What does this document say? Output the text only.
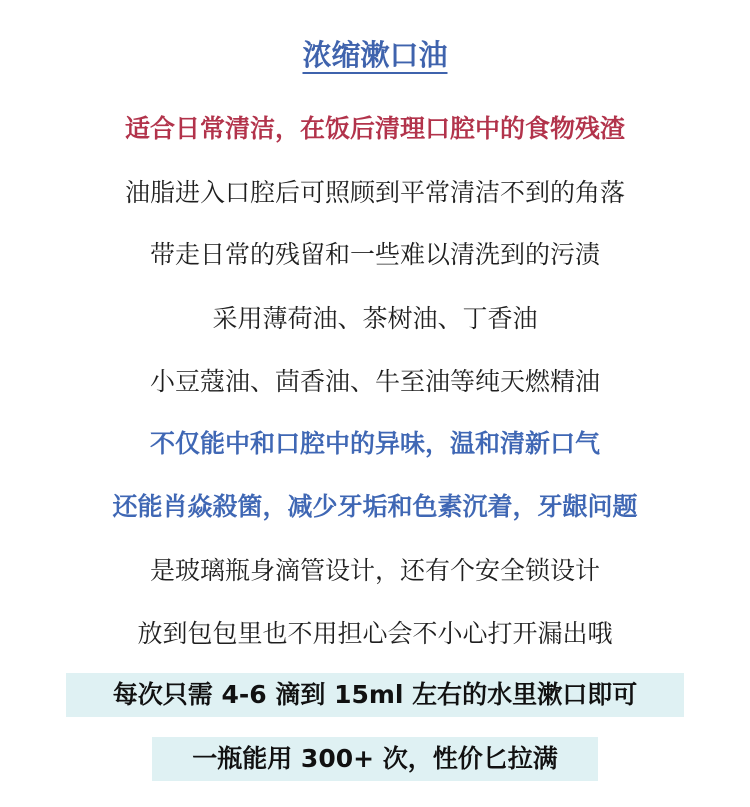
浓缩漱口油
适合日常清洁，在饭后清理口腔中的食物残渣
油脂进入口腔后可照顾到平常清洁不到的角落
带走日常的残留和一些难以清洗到的污渍
采用薄荷油、茶树油、丁香油
小豆蔻油、茴香油、牛至油等纯天燃精油
不仅能中和口腔中的异味，温和清新口气
还能肖焱殺箘，减少牙垢和色素沉着，牙龈问题
是玻璃瓶身滴管设计，还有个安全锁设计
放到包包里也不用担心会不小心打开漏出哦
每次只需 4-6 滴到 15ml 左右的水里漱口即可
一瓶能用 300+ 次，性价匕拉满
